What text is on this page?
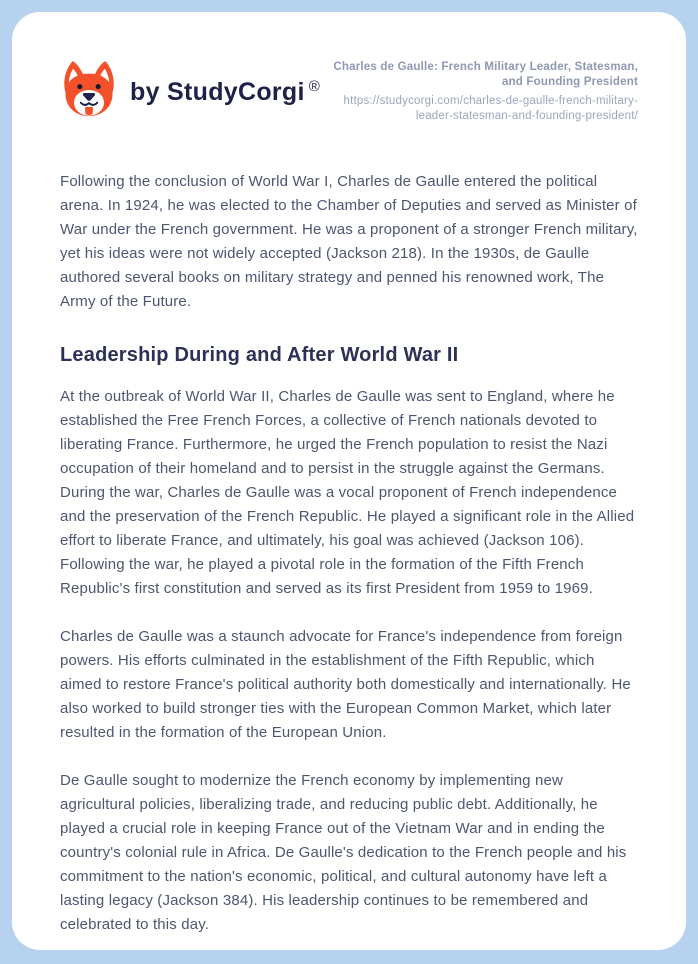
by StudyCorgi ®
Charles de Gaulle: French Military Leader, Statesman, and Founding President
https://studycorgi.com/charles-de-gaulle-french-military-leader-statesman-and-founding-president/

Following the conclusion of World War I, Charles de Gaulle entered the political arena. In 1924, he was elected to the Chamber of Deputies and served as Minister of War under the French government. He was a proponent of a stronger French military, yet his ideas were not widely accepted (Jackson 218). In the 1930s, de Gaulle authored several books on military strategy and penned his renowned work, The Army of the Future.

Leadership During and After World War II

At the outbreak of World War II, Charles de Gaulle was sent to England, where he established the Free French Forces, a collective of French nationals devoted to liberating France. Furthermore, he urged the French population to resist the Nazi occupation of their homeland and to persist in the struggle against the Germans. During the war, Charles de Gaulle was a vocal proponent of French independence and the preservation of the French Republic. He played a significant role in the Allied effort to liberate France, and ultimately, his goal was achieved (Jackson 106). Following the war, he played a pivotal role in the formation of the Fifth French Republic's first constitution and served as its first President from 1959 to 1969.

Charles de Gaulle was a staunch advocate for France's independence from foreign powers. His efforts culminated in the establishment of the Fifth Republic, which aimed to restore France's political authority both domestically and internationally. He also worked to build stronger ties with the European Common Market, which later resulted in the formation of the European Union.

De Gaulle sought to modernize the French economy by implementing new agricultural policies, liberalizing trade, and reducing public debt. Additionally, he played a crucial role in keeping France out of the Vietnam War and in ending the country's colonial rule in Africa. De Gaulle's dedication to the French people and his commitment to the nation's economic, political, and cultural autonomy have left a lasting legacy (Jackson 384). His leadership continues to be remembered and celebrated to this day.
